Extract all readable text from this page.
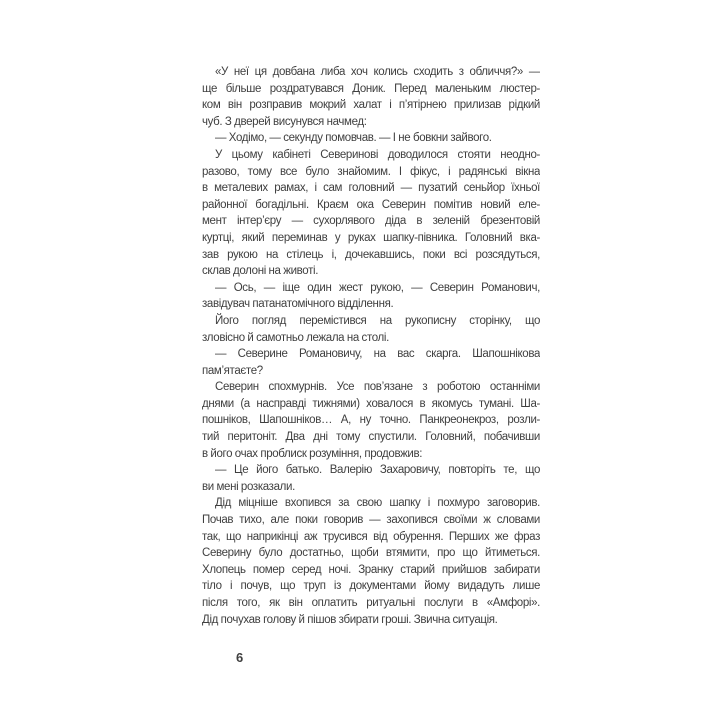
«У неї ця довбана либа хоч колись сходить з обличчя?» —
ще більше роздратувався Доник. Перед маленьким люстер-
ком він розправив мокрий халат і п’ятірнею прилизав рідкий
чуб. З дверей висунувся начмед:
— Ходімо, — секунду помовчав. — І не бовкни зайвого.
У цьому кабінеті Северинові доводилося стояти неодно-
разово, тому все було знайомим. І фікус, і радянські вікна
в металевих рамах, і сам головний — пузатий сеньйор їхньої
районної богадільні. Краєм ока Северин помітив новий еле-
мент інтер’єру — сухорлявого діда в зеленій брезентовій
куртці, який переминав у руках шапку-півника. Головний вка-
зав рукою на стілець і, дочекавшись, поки всі розсядуться,
склав долоні на животі.
— Ось, — іще один жест рукою, — Северин Романович,
завідувач патанатомічного відділення.
Його погляд перемістився на рукописну сторінку, що
зловісно й самотньо лежала на столі.
— Северине Романовичу, на вас скарга. Шапошнікова
пам’ятаєте?
Северин спохмурнів. Усе пов’язане з роботою останніми
днями (а насправді тижнями) ховалося в якомусь тумані. Ша-
пошніков, Шапошніков… А, ну точно. Панкреонекроз, розли-
тий перитоніт. Два дні тому спустили. Головний, побачивши
в його очах проблиск розуміння, продовжив:
— Це його батько. Валерію Захаровичу, повторіть те, що
ви мені розказали.
Дід міцніше вхопився за свою шапку і похмуро заговорив.
Почав тихо, але поки говорив — захопився своїми ж словами
так, що наприкінці аж трусився від обурення. Перших же фраз
Северину було достатньо, щоби втямити, про що йтиметься.
Хлопець помер серед ночі. Зранку старий прийшов забирати
тіло і почув, що труп із документами йому видадуть лише
після того, як він оплатить ритуальні послуги в «Амфорі».
Дід почухав голову й пішов збирати гроші. Звична ситуація.
6
